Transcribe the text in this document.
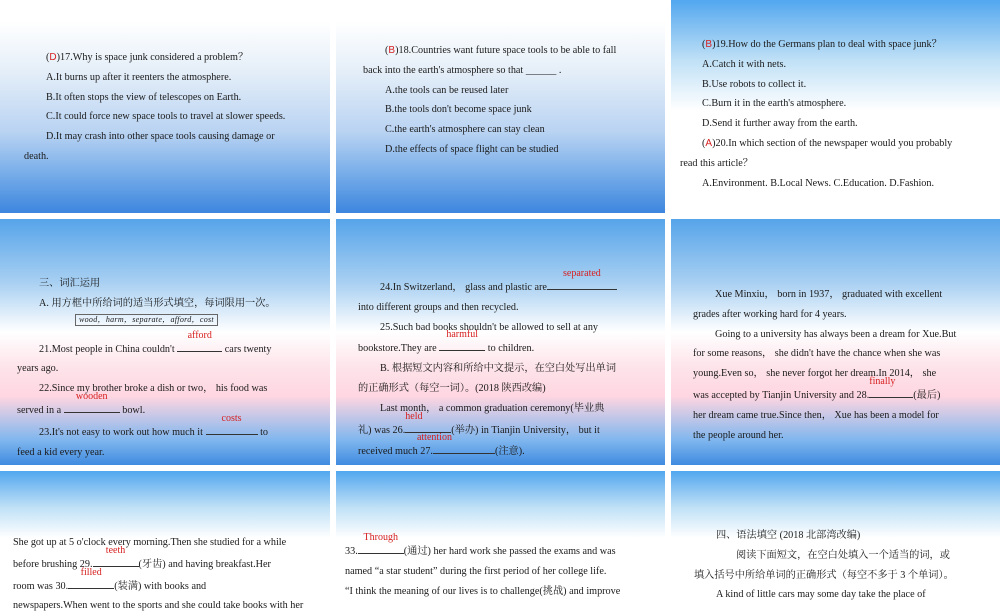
(D)17.Why is space junk considered a problem？

A.It burns up after it reenters the atmosphere.

B.It often stops the view of telescopes on Earth.

C.It could force new space tools to travel at slower speeds.

D.It may crash into other space tools causing damage or

death.

(B)18.Countries want future space tools to be able to fall

back into the earth's atmosphere so that ______ .

A.the tools can be reused later

B.the tools don't become space junk

C.the earth's atmosphere can stay clean

D.the effects of space flight can be studied

(B)19.How do the Germans plan to deal with space junk？

A.Catch it with nets.

B.Use robots to collect it.

C.Burn it in the earth's atmosphere.

D.Send it further away from the earth.

(A)20.In which section of the newspaper would you probably

read this article？

A.Environment. B.Local News. C.Education. D.Fashion.

三、词汇运用

A. 用方框中所给词的适当形式填空，每词限用一次。

wood，harm，separate，afford，cost

21.Most people in China couldn't
afford
cars twenty

years ago.

22.Since my brother broke a dish or two， his food was

served in a
wooden
bowl.

23.It's not easy to work out how much it
costs
to

feed a kid every year.

24.In Switzerland， glass and plastic are
separated

into different groups and then recycled.

25.Such bad books shouldn't be allowed to sell at any

bookstore.They are
harmful
to children.

B. 根据短文内容和所给中文提示，在空白处写出单词

的正确形式（每空一词）。(2018 陕西改编)

Last month， a common graduation ceremony(毕业典

礼) was 26.
held
(举办) in Tianjin University， but it

received much 27.
attention
(注意).

Xue Minxiu， born in 1937， graduated with excellent

grades after working hard for 4 years.

Going to a university has always been a dream for Xue.But

for some reasons， she didn't have the chance when she was

young.Even so， she never forgot her dream.In 2014， she

was accepted by Tianjin University and 28.
finally
(最后)

her dream came true.Since then， Xue has been a model for

the people around her.

She got up at 5 o'clock every morning.Then she studied for a while

before brushing 29.
teeth
(牙齿) and having breakfast.Her

room was 30.
filled
(装满) with books and

newspapers.When went to the sports and she could take books with her

33.
Through
(通过) her hard work she passed the exams and was

named “a star student” during the first period of her college life.

“I think the meaning of our lives is to challenge(挑战) and improve

四、语法填空 (2018 北部湾改编)

阅读下面短文，在空白处填入一个适当的词，或

填入括号中所给单词的正确形式（每空不多于 3 个单词）。

A kind of little cars may some day take the place of
